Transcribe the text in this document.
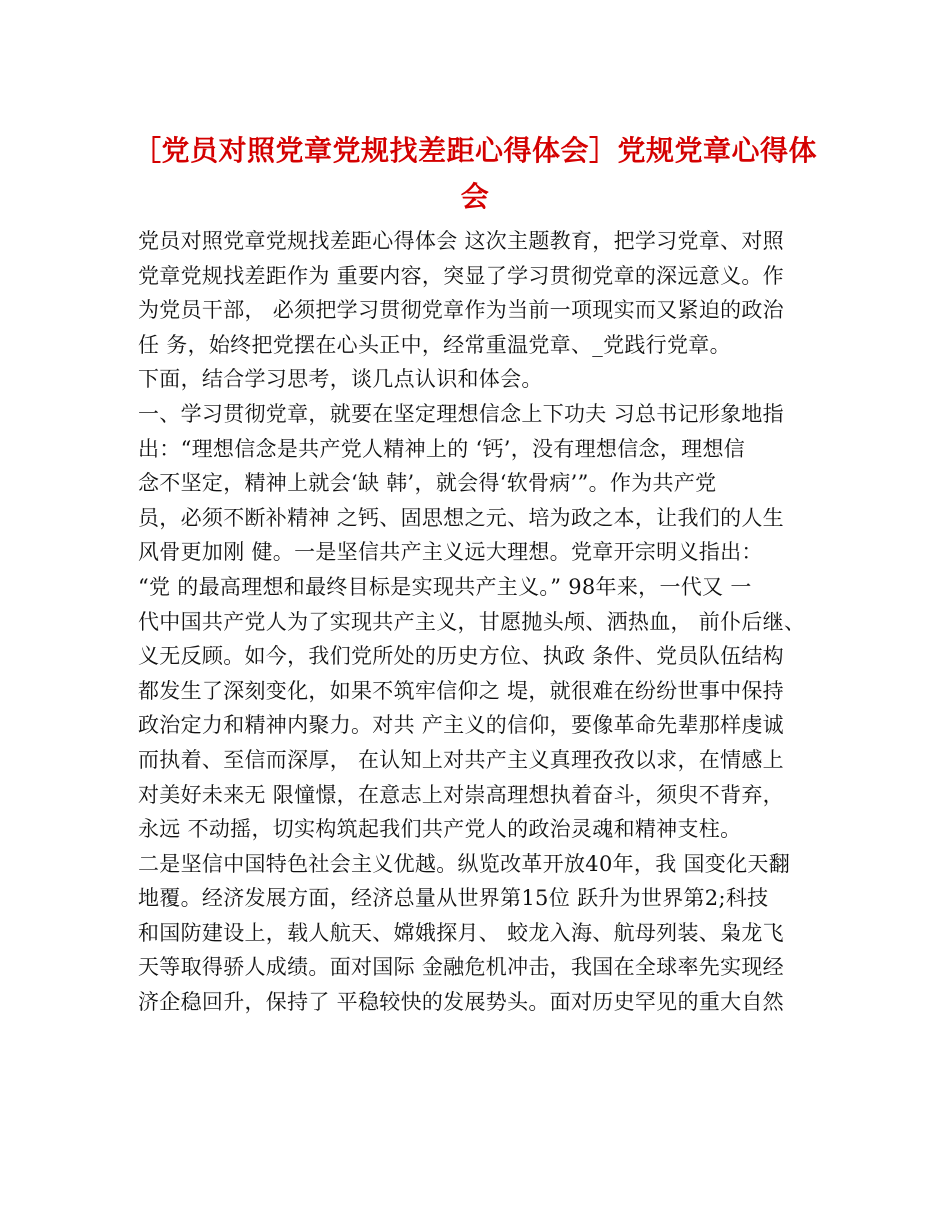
［党员对照党章党规找差距心得体会］党规党章心得体
会
党员对照党章党规找差距心得体会 这次主题教育，把学习党章、对照
党章党规找差距作为 重要内容，突显了学习贯彻党章的深远意义。作
为党员干部， 必须把学习贯彻党章作为当前一项现实而又紧迫的政治
任 务，始终把党摆在心头正中，经常重温党章、_党践行党章。
下面，结合学习思考，谈几点认识和体会。
一、学习贯彻党章，就要在坚定理想信念上下功夫 习总书记形象地指
出：“理想信念是共产党人精神上的 ‘钙’，没有理想信念，理想信
念不坚定，精神上就会‘缺 韩’，就会得‘软骨病’”。作为共产党
员，必须不断补精神 之钙、固思想之元、培为政之本，让我们的人生
风骨更加刚 健。一是坚信共产主义远大理想。党章开宗明义指出：
“党 的最高理想和最终目标是实现共产主义。” 98年来，一代又 一
代中国共产党人为了实现共产主义，甘愿抛头颅、洒热血， 前仆后继、
义无反顾。如今，我们党所处的历史方位、执政 条件、党员队伍结构
都发生了深刻变化，如果不筑牢信仰之 堤，就很难在纷纷世事中保持
政治定力和精神内聚力。对共 产主义的信仰，要像革命先辈那样虔诚
而执着、至信而深厚， 在认知上对共产主义真理孜孜以求，在情感上
对美好未来无 限憧憬，在意志上对崇高理想执着奋斗，须臾不背弃，
永远 不动摇，切实构筑起我们共产党人的政治灵魂和精神支柱。
二是坚信中国特色社会主义优越。纵览改革开放40年，我 国变化天翻
地覆。经济发展方面，经济总量从世界第15位 跃升为世界第2;科技
和国防建设上，载人航天、嫦娥探月、 蛟龙入海、航母列装、枭龙飞
天等取得骄人成绩。面对国际 金融危机冲击，我国在全球率先实现经
济企稳回升，保持了 平稳较快的发展势头。面对历史罕见的重大自然
